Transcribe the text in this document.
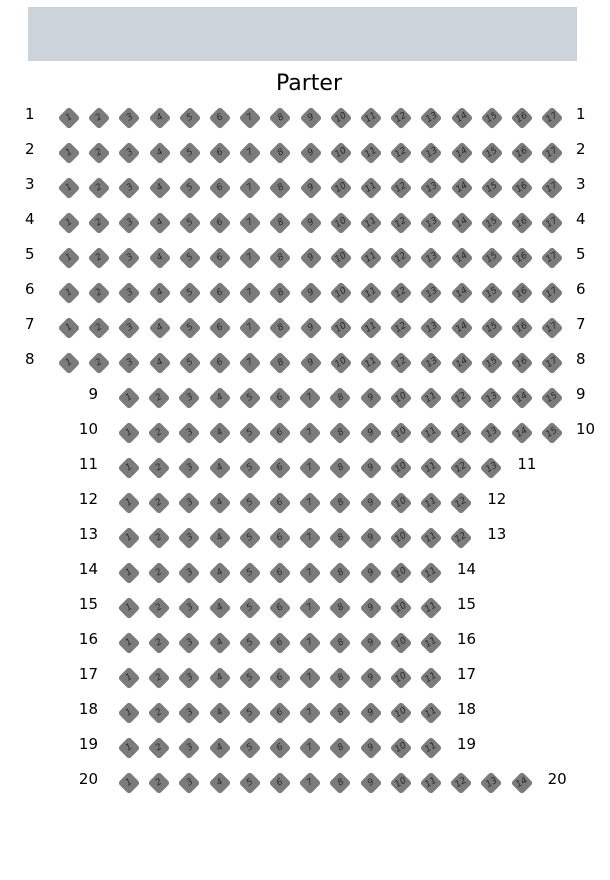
Parter
1	1 2 3 4 5 6 7 8 9 10 11 12 13 14 15 16 17 1
2	1 2 3 4 5 6 7 8 9 10 11 12 13 14 15 16 17 2
3	1 2 3 4 5 6 7 8 9 10 11 12 13 14 15 16 17 3
4	1 2 3 4 5 6 7 8 9 10 11 12 13 14 15 16 17 4
5	1 2 3 4 5 6 7 8 9 10 11 12 13 14 15 16 17 5
6	1 2 3 4 5 6 7 8 9 10 11 12 13 14 15 16 17 6
7	1 2 3 4 5 6 7 8 9 10 11 12 13 14 15 16 17 7
8	1 2 3 4 5 6 7 8 9 10 11 12 13 14 15 16 17 8
9	1 2 3 4 5 6 7 8 9 10 11 12 13 14 15 9
10	1 2 3 4 5 6 7 8 9 10 11 12 13 14 15 10
11	1 2 3 4 5 6 7 8 9 10 11 12 13 11
12	1 2 3 4 5 6 7 8 9 10 11 12 12
13	1 2 3 4 5 6 7 8 9 10 11 12 13
14	1 2 3 4 5 6 7 8 9 10 11 14
15	1 2 3 4 5 6 7 8 9 10 11 15
16	1 2 3 4 5 6 7 8 9 10 11 16
17	1 2 3 4 5 6 7 8 9 10 11 17
18	1 2 3 4 5 6 7 8 9 10 11 18
19	1 2 3 4 5 6 7 8 9 10 11 19
20	1 2 3 4 5 6 7 8 9 10 11 12 13 14 20
